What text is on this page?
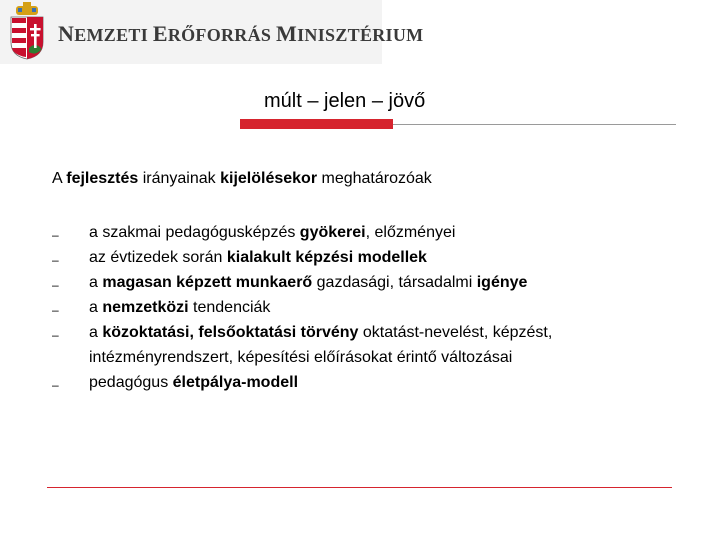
NEMZETI ERŐFORRÁS MINISZTÉRIUM
múlt – jelen – jövő
A fejlesztés irányainak kijelölésekor meghatározóak
–	a szakmai pedagógusképzés gyökerei, előzményei
–	az évtizedek során kialakult képzési modellek
–	a magasan képzett munkaerő gazdasági, társadalmi igénye
–	a nemzetközi tendenciák
–	a közoktatási, felsőoktatási törvény oktatást-nevelést, képzést,
intézményrendszert, képesítési előírásokat érintő változásai
–	pedagógus életpálya-modell
